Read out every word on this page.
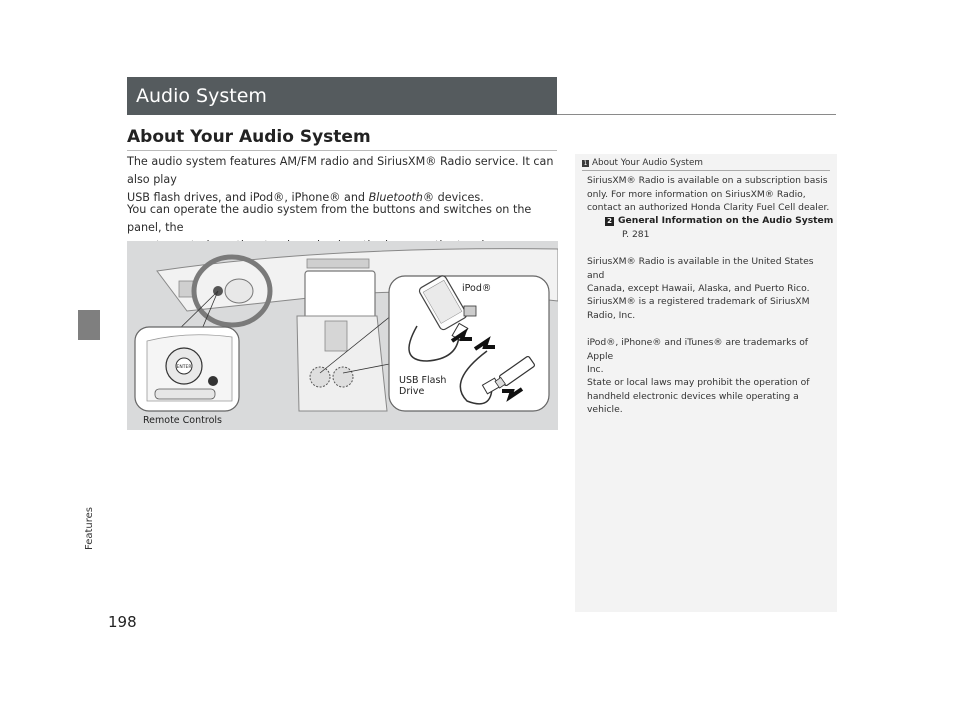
Features
198
Audio System
About Your Audio System
The audio system features AM/FM radio and SiriusXM® Radio service. It can also play
USB flash drives, and iPod®, iPhone® and Bluetooth® devices.
You can operate the audio system from the buttons and switches on the panel, the
ENTER
iPod®
USB Flash
Drive
Remote Controls
1 About Your Audio System
SiriusXM® Radio is available on a subscription basis
only. For more information on SiriusXM® Radio,
contact an authorized Honda Clarity Fuel Cell dealer.
2 General Information on the Audio System
P. 281
SiriusXM® Radio is available in the United States and
Canada, except Hawaii, Alaska, and Puerto Rico.
SiriusXM® is a registered trademark of SiriusXM
Radio, Inc.
iPod®, iPhone® and iTunes® are trademarks of Apple
Inc.
State or local laws may prohibit the operation of
handheld electronic devices while operating a
vehicle.
